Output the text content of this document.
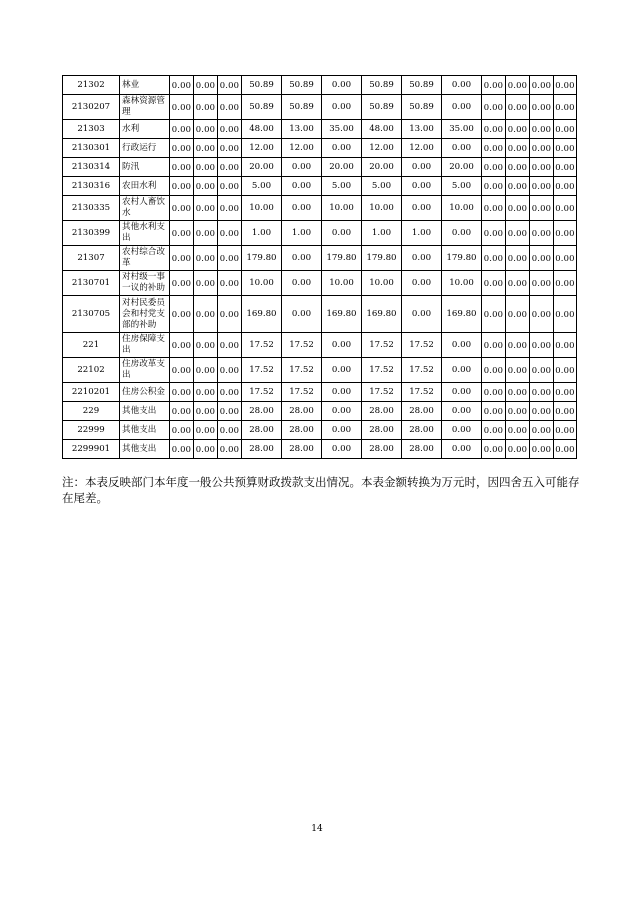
21302	林业	0.00	0.00	0.00	50.89	50.89	0.00	50.89	50.89	0.00	0.00	0.00	0.00	0.00
2130207	森林资源管理	0.00	0.00	0.00	50.89	50.89	0.00	50.89	50.89	0.00	0.00	0.00	0.00	0.00
21303	水利	0.00	0.00	0.00	48.00	13.00	35.00	48.00	13.00	35.00	0.00	0.00	0.00	0.00
2130301	行政运行	0.00	0.00	0.00	12.00	12.00	0.00	12.00	12.00	0.00	0.00	0.00	0.00	0.00
2130314	防汛	0.00	0.00	0.00	20.00	0.00	20.00	20.00	0.00	20.00	0.00	0.00	0.00	0.00
2130316	农田水利	0.00	0.00	0.00	5.00	0.00	5.00	5.00	0.00	5.00	0.00	0.00	0.00	0.00
2130335	农村人畜饮水	0.00	0.00	0.00	10.00	0.00	10.00	10.00	0.00	10.00	0.00	0.00	0.00	0.00
2130399	其他水利支出	0.00	0.00	0.00	1.00	1.00	0.00	1.00	1.00	0.00	0.00	0.00	0.00	0.00
21307	农村综合改革	0.00	0.00	0.00	179.80	0.00	179.80	179.80	0.00	179.80	0.00	0.00	0.00	0.00
2130701	对村级一事一议的补助	0.00	0.00	0.00	10.00	0.00	10.00	10.00	0.00	10.00	0.00	0.00	0.00	0.00
2130705	对村民委员会和村党支部的补助	0.00	0.00	0.00	169.80	0.00	169.80	169.80	0.00	169.80	0.00	0.00	0.00	0.00
221	住房保障支出	0.00	0.00	0.00	17.52	17.52	0.00	17.52	17.52	0.00	0.00	0.00	0.00	0.00
22102	住房改革支出	0.00	0.00	0.00	17.52	17.52	0.00	17.52	17.52	0.00	0.00	0.00	0.00	0.00
2210201	住房公积金	0.00	0.00	0.00	17.52	17.52	0.00	17.52	17.52	0.00	0.00	0.00	0.00	0.00
229	其他支出	0.00	0.00	0.00	28.00	28.00	0.00	28.00	28.00	0.00	0.00	0.00	0.00	0.00
22999	其他支出	0.00	0.00	0.00	28.00	28.00	0.00	28.00	28.00	0.00	0.00	0.00	0.00	0.00
2299901	其他支出	0.00	0.00	0.00	28.00	28.00	0.00	28.00	28.00	0.00	0.00	0.00	0.00	0.00

注：本表反映部门本年度一般公共预算财政拨款支出情况。本表金额转换为万元时，因四舍五入可能存在尾差。

14
